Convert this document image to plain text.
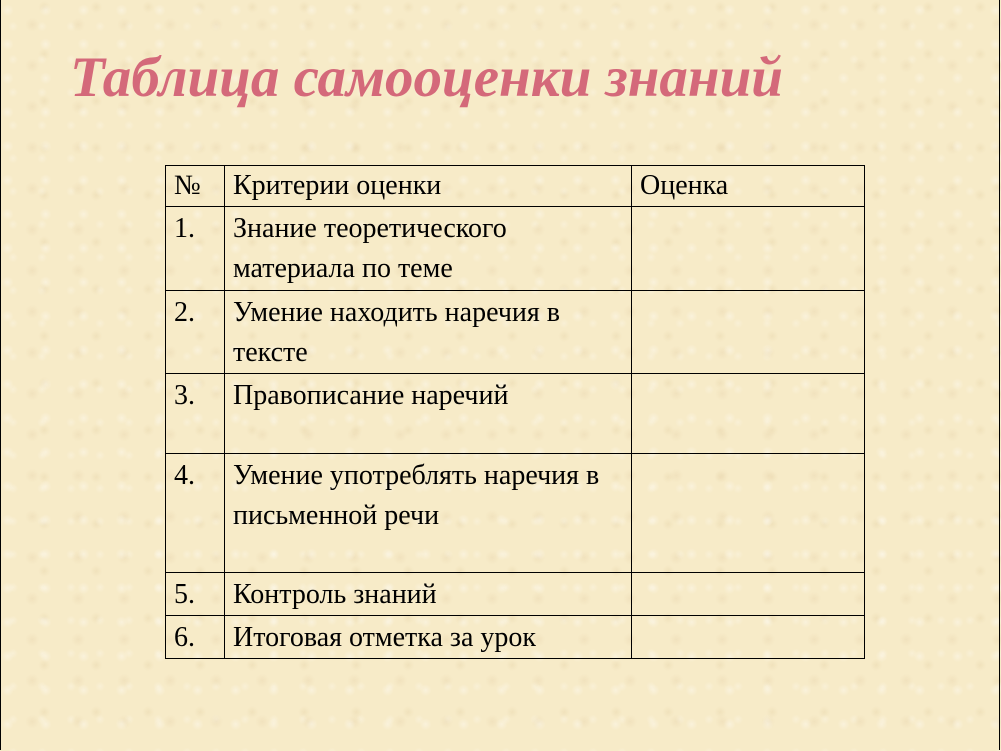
Таблица самооценки знаний
№	Критерии оценки	Оценка
1.	Знание теоретического материала по теме	
2.	Умение находить наречия в тексте	
3.	Правописание наречий	
4.	Умение употреблять наречия в письменной речи	
5.	Контроль знаний	
6.	Итоговая отметка за урок	
